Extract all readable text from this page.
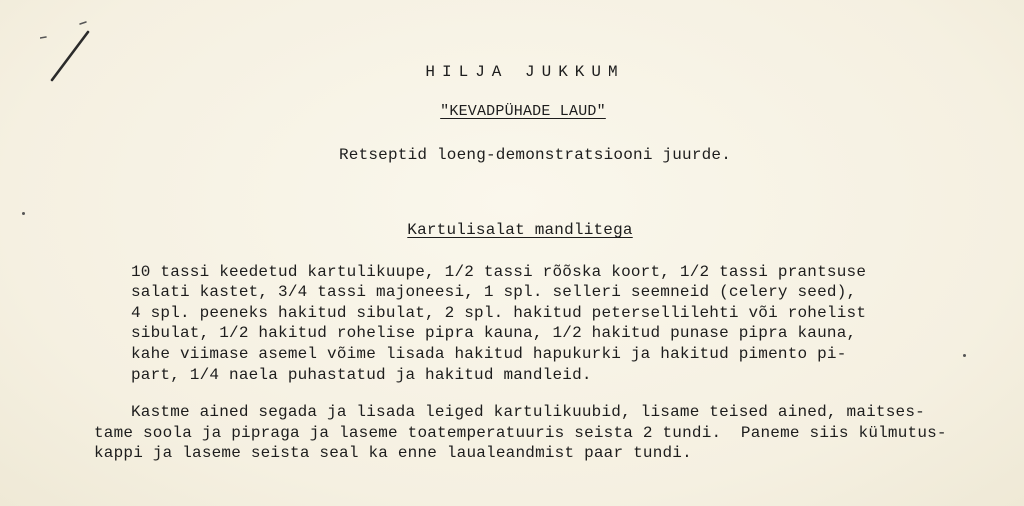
HILJA JUKKUM
"KEVADPÜHADE LAUD"
Retseptid loeng-demonstratsiooni juurde.
Kartulisalat mandlitega
10 tassi keedetud kartulikuupe, 1/2 tassi rõõska koort, 1/2 tassi prantsuse
salati kastet, 3/4 tassi majoneesi, 1 spl. selleri seemneid (celery seed),
4 spl. peeneks hakitud sibulat, 2 spl. hakitud petersellilehti või rohelist
sibulat, 1/2 hakitud rohelise pipra kauna, 1/2 hakitud punase pipra kauna,
kahe viimase asemel võime lisada hakitud hapukurki ja hakitud pimento pi-
part, 1/4 naela puhastatud ja hakitud mandleid.
Kastme ained segada ja lisada leiged kartulikuubid, lisame teised ained, maitses-
tame soola ja pipraga ja laseme toatemperatuuris seista 2 tundi.  Paneme siis külmutus-
kappi ja laseme seista seal ka enne laualeandmist paar tundi.
